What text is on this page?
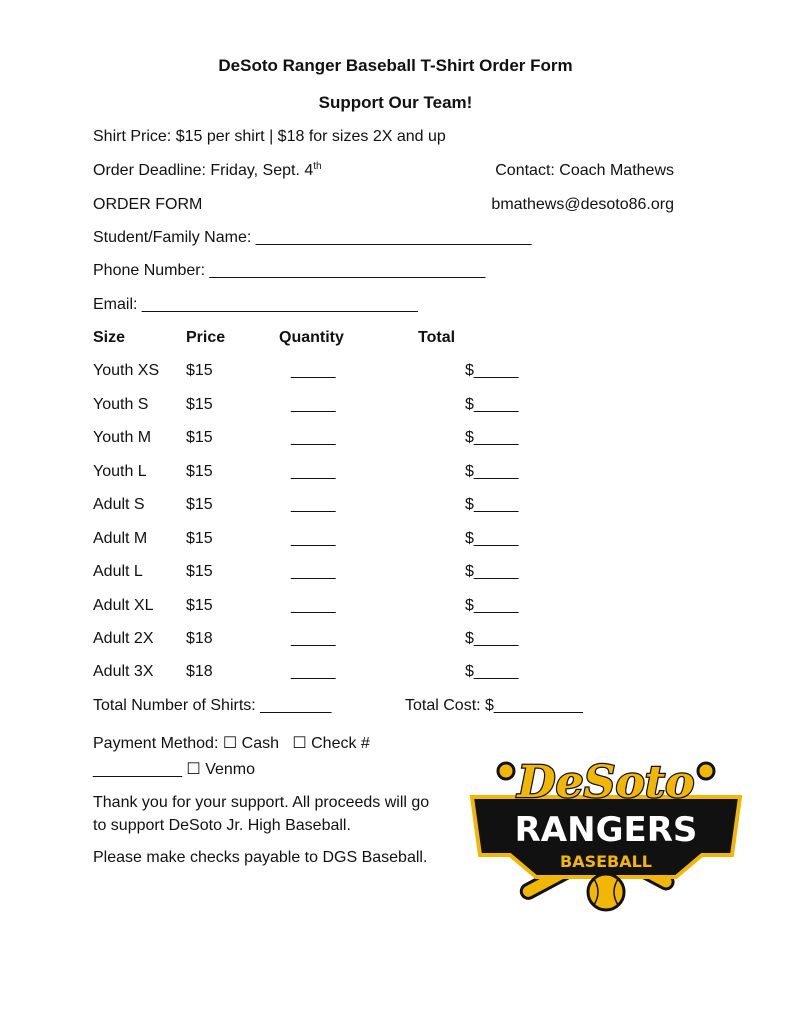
DeSoto Ranger Baseball T-Shirt Order Form
Support Our Team!
Shirt Price: $15 per shirt | $18 for sizes 2X and up
Order Deadline: Friday, Sept. 4th	Contact: Coach Mathews
ORDER FORM	bmathews@desoto86.org
Student/Family Name: _______________________________
Phone Number: _______________________________
Email: _______________________________
Size	Price	Quantity	Total
Youth XS $15	_____	$_____
Youth S $15	_____	$_____
Youth M $15	_____	$_____
Youth L $15	_____	$_____
Adult S	$15	_____	$_____
Adult M $15	_____	$_____
Adult L	$15	_____	$_____
Adult XL $15	_____	$_____
Adult 2X $18	_____	$_____
Adult 3X $18	_____	$_____
Total Number of Shirts: ________	Total Cost: $__________
Payment Method: ☐ Cash   ☐ Check #
__________ ☐ Venmo
Thank you for your support. All proceeds will go to support DeSoto Jr. High Baseball.
Please make checks payable to DGS Baseball.
DeSoto
RANGERS
BASEBALL
